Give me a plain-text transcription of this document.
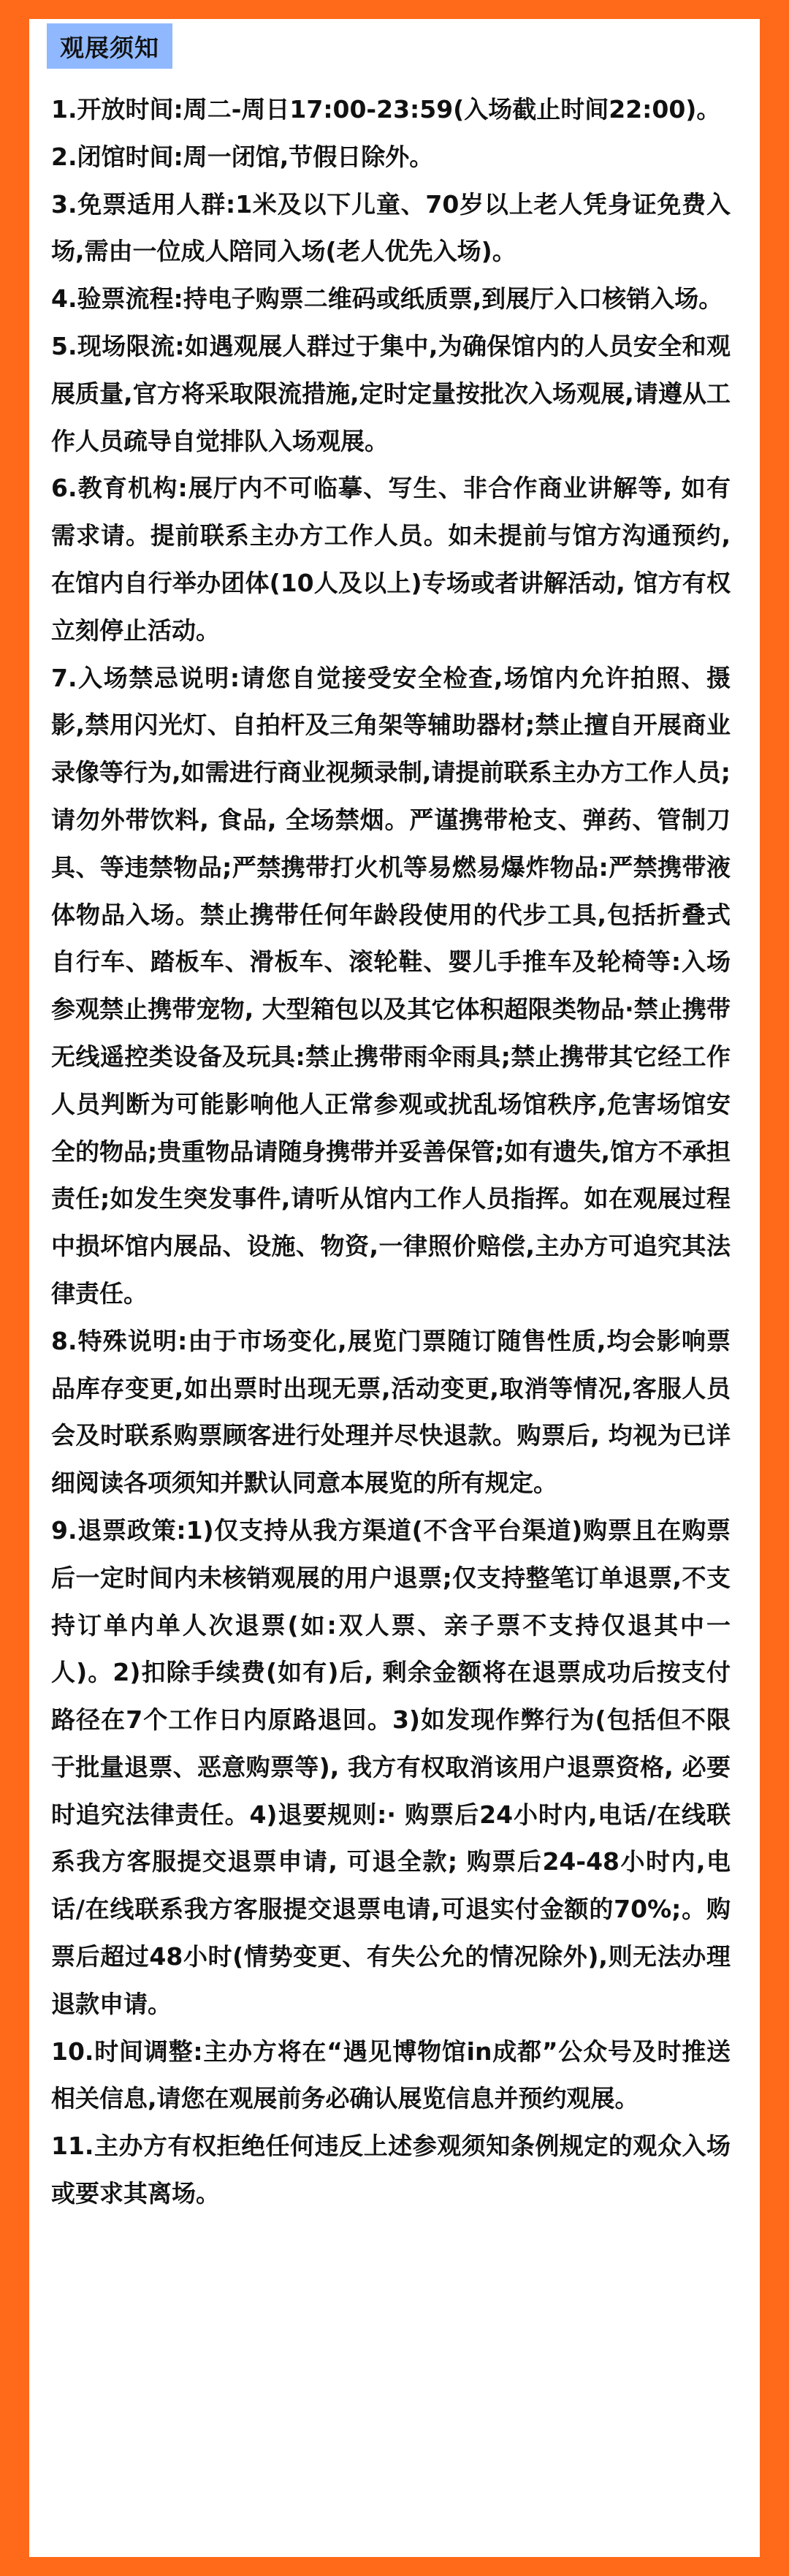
观展须知

1.开放时间:周二-周日17:00-23:59(入场截止时间22:00)。

2.闭馆时间:周一闭馆,节假日除外。

3.免票适用人群:1米及以下儿童、70岁以上老人凭身证免费入场,需由一位成人陪同入场(老人优先入场)。

4.验票流程:持电子购票二维码或纸质票,到展厅入口核销入场。

5.现场限流:如遇观展人群过于集中,为确保馆内的人员安全和观展质量,官方将采取限流措施,定时定量按批次入场观展,请遵从工作人员疏导自觉排队入场观展。

6.教育机构:展厅内不可临摹、写生、非合作商业讲解等, 如有需求请。提前联系主办方工作人员。如未提前与馆方沟通预约, 在馆内自行举办团体(10人及以上)专场或者讲解活动, 馆方有权立刻停止活动。

7.入场禁忌说明:请您自觉接受安全检查,场馆内允许拍照、摄影,禁用闪光灯、自拍杆及三角架等辅助器材;禁止擅自开展商业录像等行为,如需进行商业视频录制,请提前联系主办方工作人员;请勿外带饮料, 食品, 全场禁烟。严谨携带枪支、弹药、管制刀具、等违禁物品;严禁携带打火机等易燃易爆炸物品:严禁携带液体物品入场。禁止携带任何年龄段使用的代步工具,包括折叠式自行车、踏板车、滑板车、滚轮鞋、婴儿手推车及轮椅等:入场参观禁止携带宠物, 大型箱包以及其它体积超限类物品·禁止携带无线遥控类设备及玩具:禁止携带雨伞雨具;禁止携带其它经工作人员判断为可能影响他人正常参观或扰乱场馆秩序,危害场馆安全的物品;贵重物品请随身携带并妥善保管;如有遗失,馆方不承担责任;如发生突发事件,请听从馆内工作人员指挥。如在观展过程中损坏馆内展品、设施、物资,一律照价赔偿,主办方可追究其法律责任。

8.特殊说明:由于市场变化,展览门票随订随售性质,均会影响票品库存变更,如出票时出现无票,活动变更,取消等情况,客服人员会及时联系购票顾客进行处理并尽快退款。购票后, 均视为已详细阅读各项须知并默认同意本展览的所有规定。

9.退票政策:1)仅支持从我方渠道(不含平台渠道)购票且在购票后一定时间内未核销观展的用户退票;仅支持整笔订单退票,不支持订单内单人次退票(如:双人票、亲子票不支持仅退其中一人)。2)扣除手续费(如有)后, 剩余金额将在退票成功后按支付路径在7个工作日内原路退回。3)如发现作弊行为(包括但不限于批量退票、恶意购票等), 我方有权取消该用户退票资格, 必要时追究法律责任。4)退要规则:· 购票后24小时内,电话/在线联系我方客服提交退票申请, 可退全款; 购票后24-48小时内,电话/在线联系我方客服提交退票电请,可退实付金额的70%;。购票后超过48小时(情势变更、有失公允的情况除外),则无法办理退款申请。

10.时间调整:主办方将在“遇见博物馆in成都”公众号及时推送相关信息,请您在观展前务必确认展览信息并预约观展。

11.主办方有权拒绝任何违反上述参观须知条例规定的观众入场或要求其离场。
